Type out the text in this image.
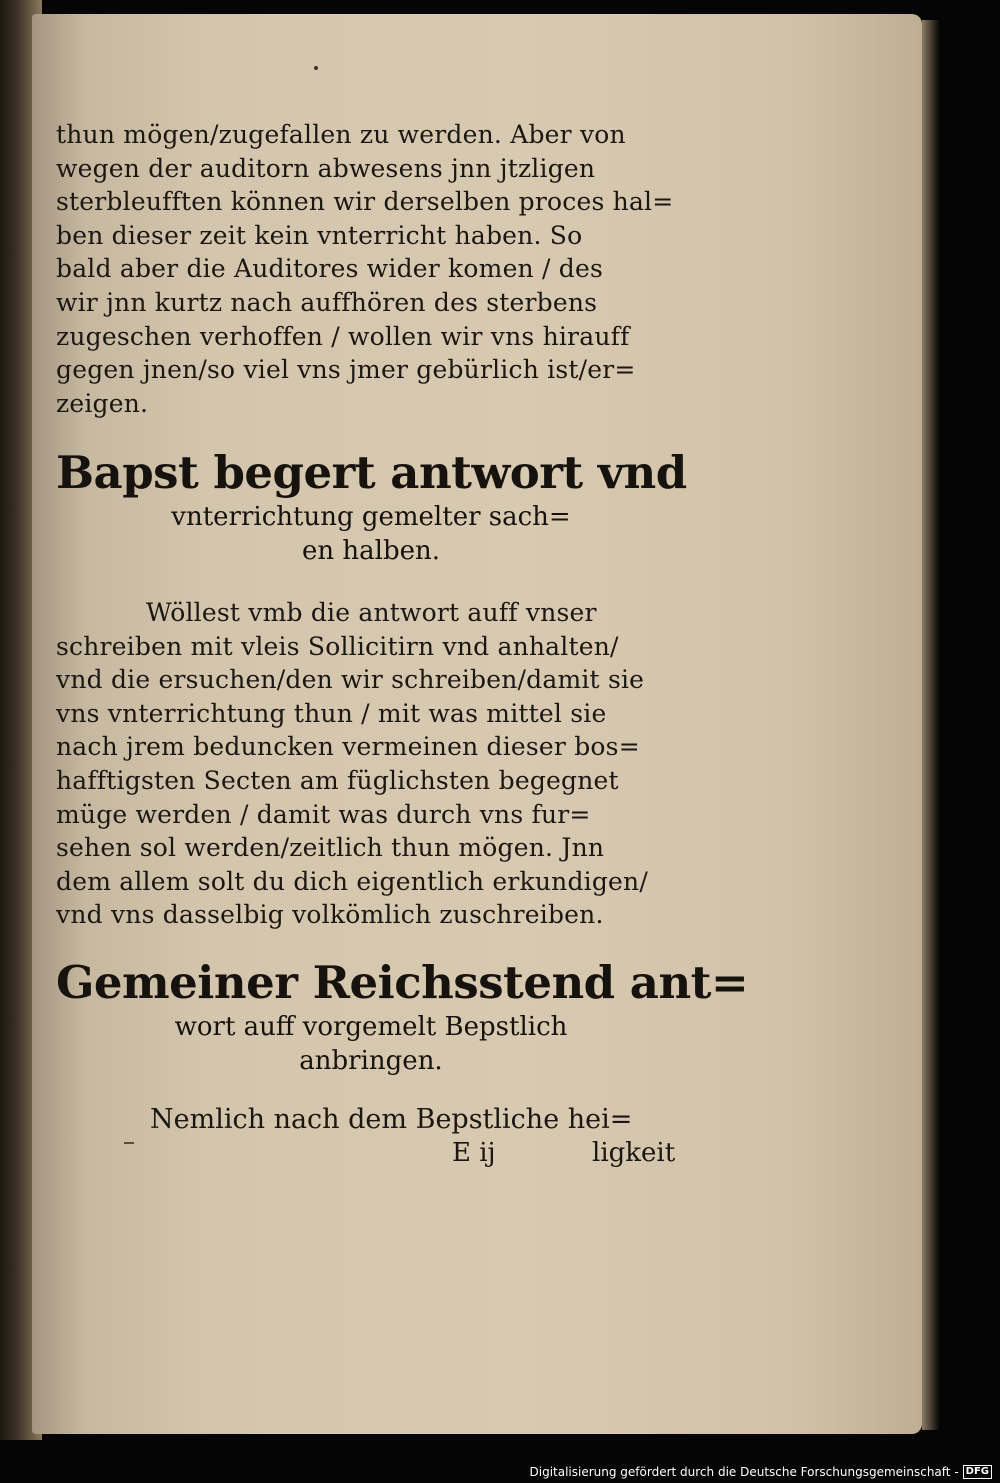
thun mögen/zugefallen zu werden. Aber von
wegen der auditorn abwesens jnn jtzligen
sterbleufften können wir derselben proces hal=
ben dieser zeit kein vnterricht haben. So
bald aber die Auditores wider komen / des
wir jnn kurtz nach auffhören des sterbens
zugeschen verhoffen / wollen wir vns hirauff
gegen jnen/so viel vns jmer gebürlich ist/er=
zeigen.
Bapst begert antwort vnd
vnterrichtung gemelter sach=
en halben.
Wöllest vmb die antwort auff vnser
schreiben mit vleis Sollicitirn vnd anhalten/
vnd die ersuchen/den wir schreiben/damit sie
vns vnterrichtung thun / mit was mittel sie
nach jrem beduncken vermeinen dieser bos=
hafftigsten Secten am füglichsten begegnet
müge werden / damit was durch vns fur=
sehen sol werden/zeitlich thun mögen. Jnn
dem allem solt du dich eigentlich erkundigen/
vnd vns dasselbig volkömlich zuschreiben.
Gemeiner Reichsstend ant=
wort auff vorgemelt Bepstlich
anbringen.
Nemlich nach dem Bepstliche hei=
E ij	ligkeit
Digitalisierung gefördert durch die Deutsche Forschungsgemeinschaft - DFG
